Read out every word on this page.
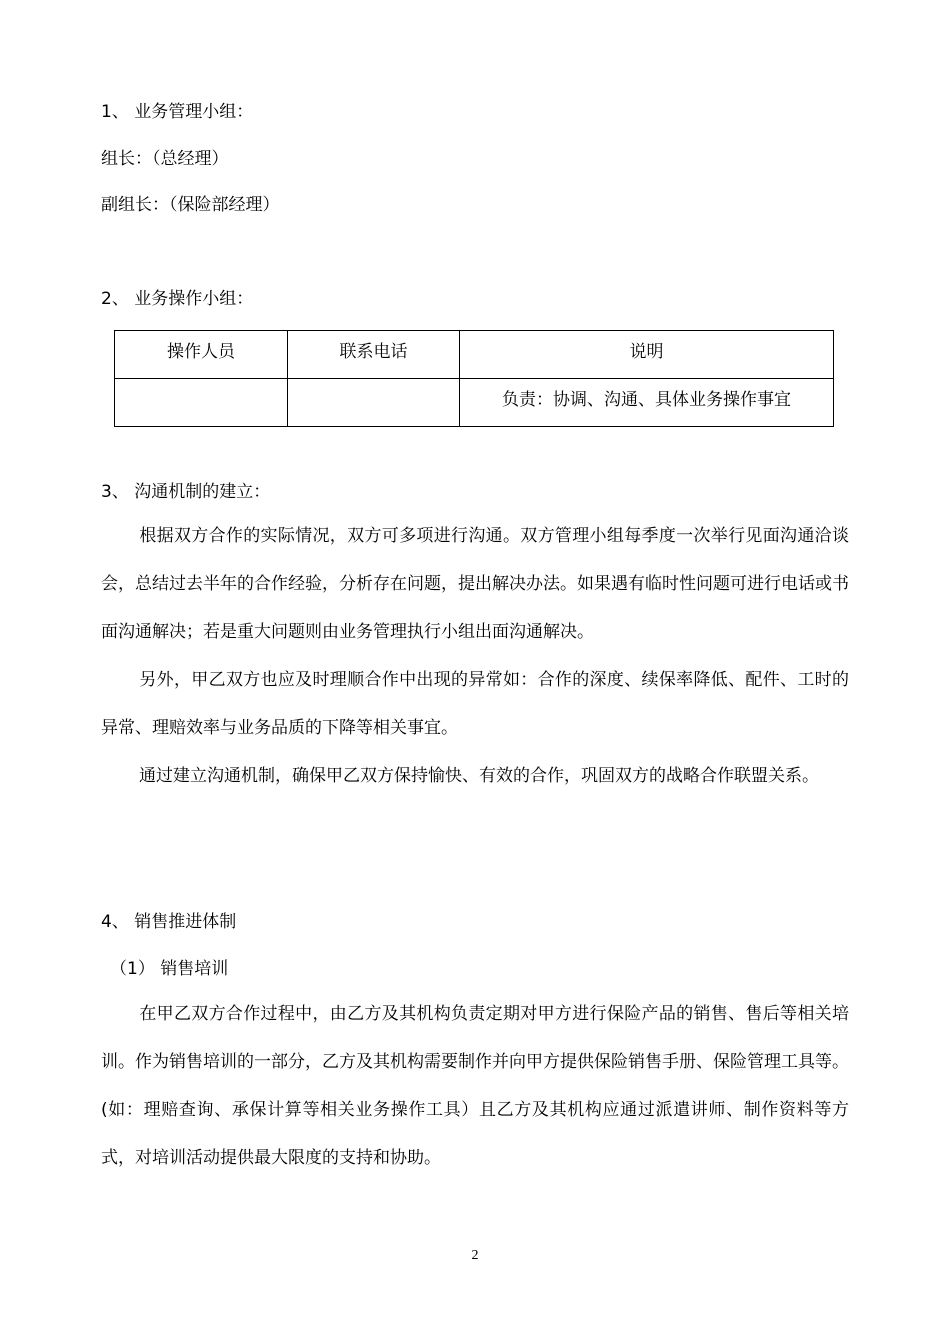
1、 业务管理小组：
组长：（总经理）
副组长：（保险部经理）
2、 业务操作小组：
操作人员	联系电话	说明
		负责：协调、沟通、具体业务操作事宜
3、 沟通机制的建立：

根据双方合作的实际情况，双方可多项进行沟通。双方管理小组每季度一次举行见面沟通洽谈会，总结过去半年的合作经验，分析存在问题，提出解决办法。如果遇有临时性问题可进行电话或书面沟通解决；若是重大问题则由业务管理执行小组出面沟通解决。

另外，甲乙双方也应及时理顺合作中出现的异常如：合作的深度、续保率降低、配件、工时的异常、理赔效率与业务品质的下降等相关事宜。

通过建立沟通机制，确保甲乙双方保持愉快、有效的合作，巩固双方的战略合作联盟关系。

4、 销售推进体制
（1） 销售培训

在甲乙双方合作过程中，由乙方及其机构负责定期对甲方进行保险产品的销售、售后等相关培训。作为销售培训的一部分，乙方及其机构需要制作并向甲方提供保险销售手册、保险管理工具等。(如：理赔查询、承保计算等相关业务操作工具）且乙方及其机构应通过派遣讲师、制作资料等方式，对培训活动提供最大限度的支持和协助。

2
